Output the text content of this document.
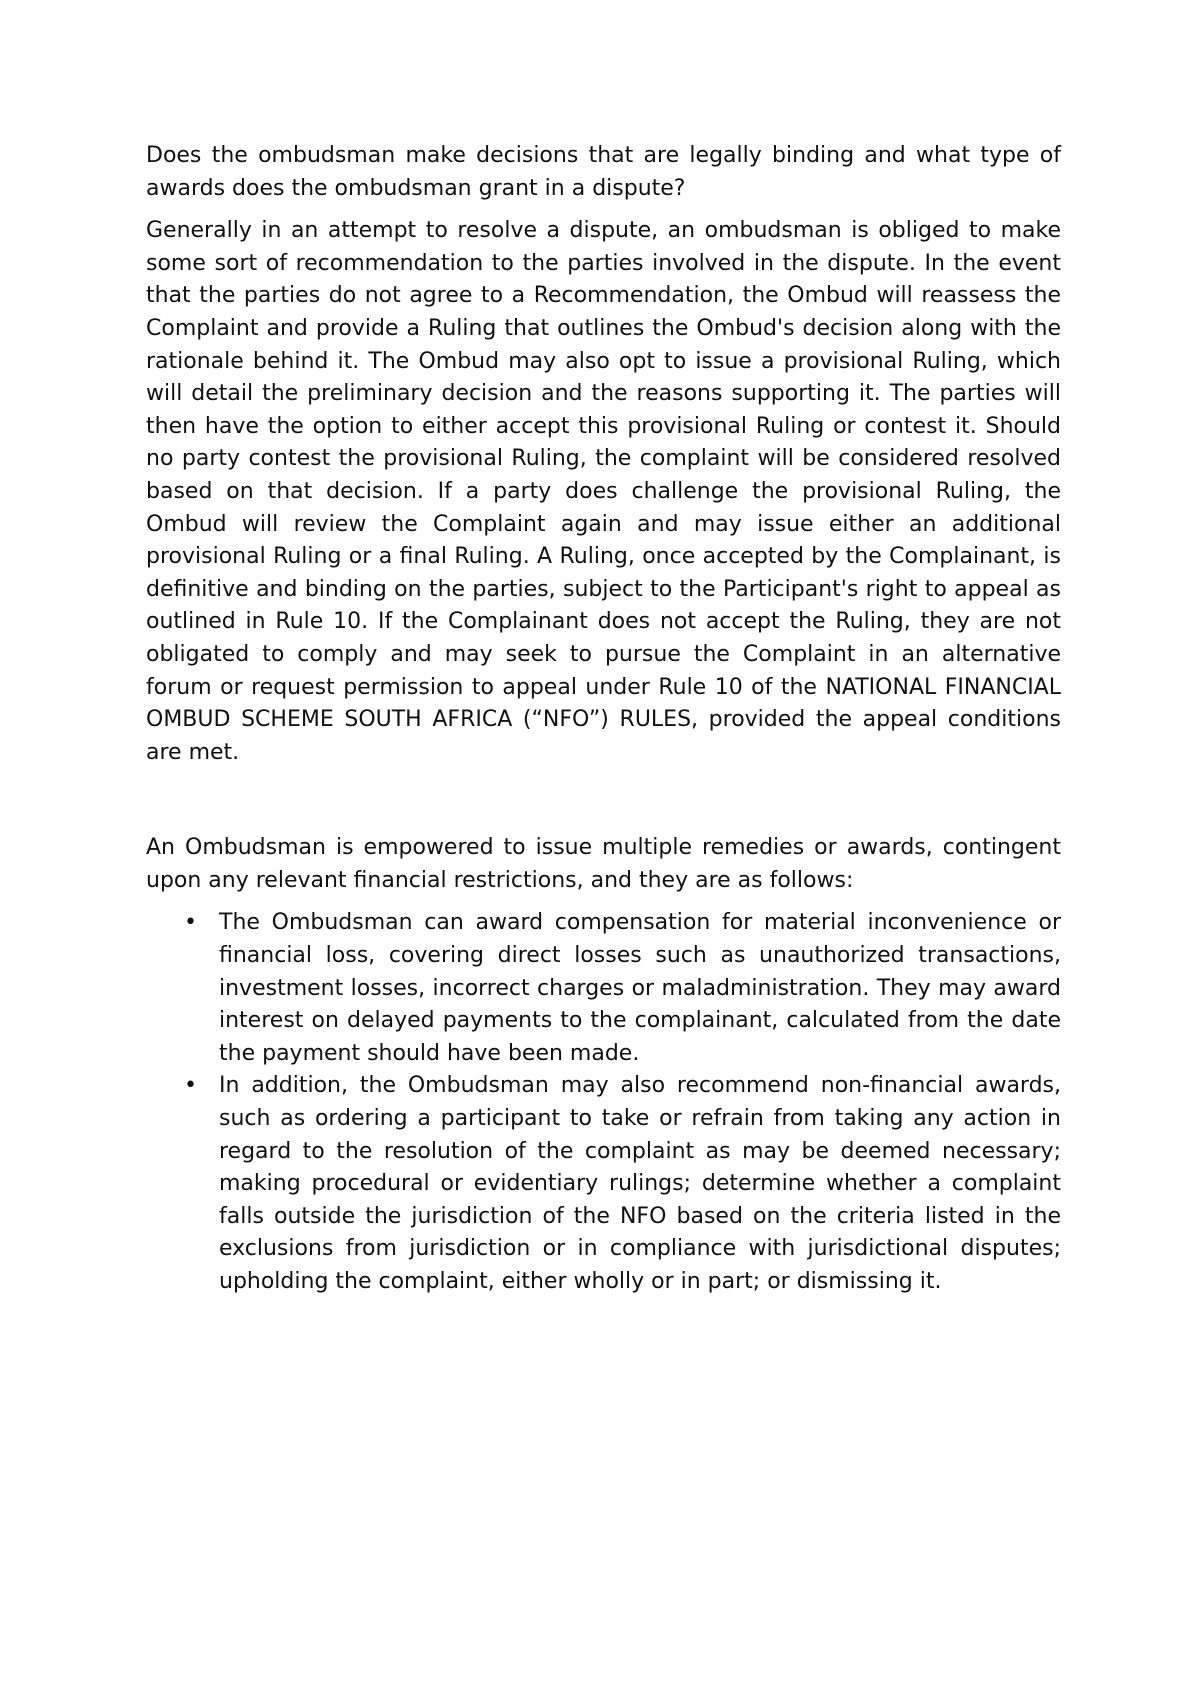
Does the ombudsman make decisions that are legally binding and what type of awards does the ombudsman grant in a dispute?

Generally in an attempt to resolve a dispute, an ombudsman is obliged to make some sort of recommendation to the parties involved in the dispute. In the event that the parties do not agree to a Recommendation, the Ombud will reassess the Complaint and provide a Ruling that outlines the Ombud's decision along with the rationale behind it. The Ombud may also opt to issue a provisional Ruling, which will detail the preliminary decision and the reasons supporting it. The parties will then have the option to either accept this provisional Ruling or contest it. Should no party contest the provisional Ruling, the complaint will be considered resolved based on that decision. If a party does challenge the provisional Ruling, the Ombud will review the Complaint again and may issue either an additional provisional Ruling or a final Ruling. A Ruling, once accepted by the Complainant, is definitive and binding on the parties, subject to the Participant's right to appeal as outlined in Rule 10. If the Complainant does not accept the Ruling, they are not obligated to comply and may seek to pursue the Complaint in an alternative forum or request permission to appeal under Rule 10 of the NATIONAL FINANCIAL OMBUD SCHEME SOUTH AFRICA (“NFO”) RULES, provided the appeal conditions are met.

An Ombudsman is empowered to issue multiple remedies or awards, contingent upon any relevant financial restrictions, and they are as follows:

• The Ombudsman can award compensation for material inconvenience or financial loss, covering direct losses such as unauthorized transactions, investment losses, incorrect charges or maladministration. They may award interest on delayed payments to the complainant, calculated from the date the payment should have been made.
• In addition, the Ombudsman may also recommend non-financial awards, such as ordering a participant to take or refrain from taking any action in regard to the resolution of the complaint as may be deemed necessary; making procedural or evidentiary rulings; determine whether a complaint falls outside the jurisdiction of the NFO based on the criteria listed in the exclusions from jurisdiction or in compliance with jurisdictional disputes; upholding the complaint, either wholly or in part; or dismissing it.
